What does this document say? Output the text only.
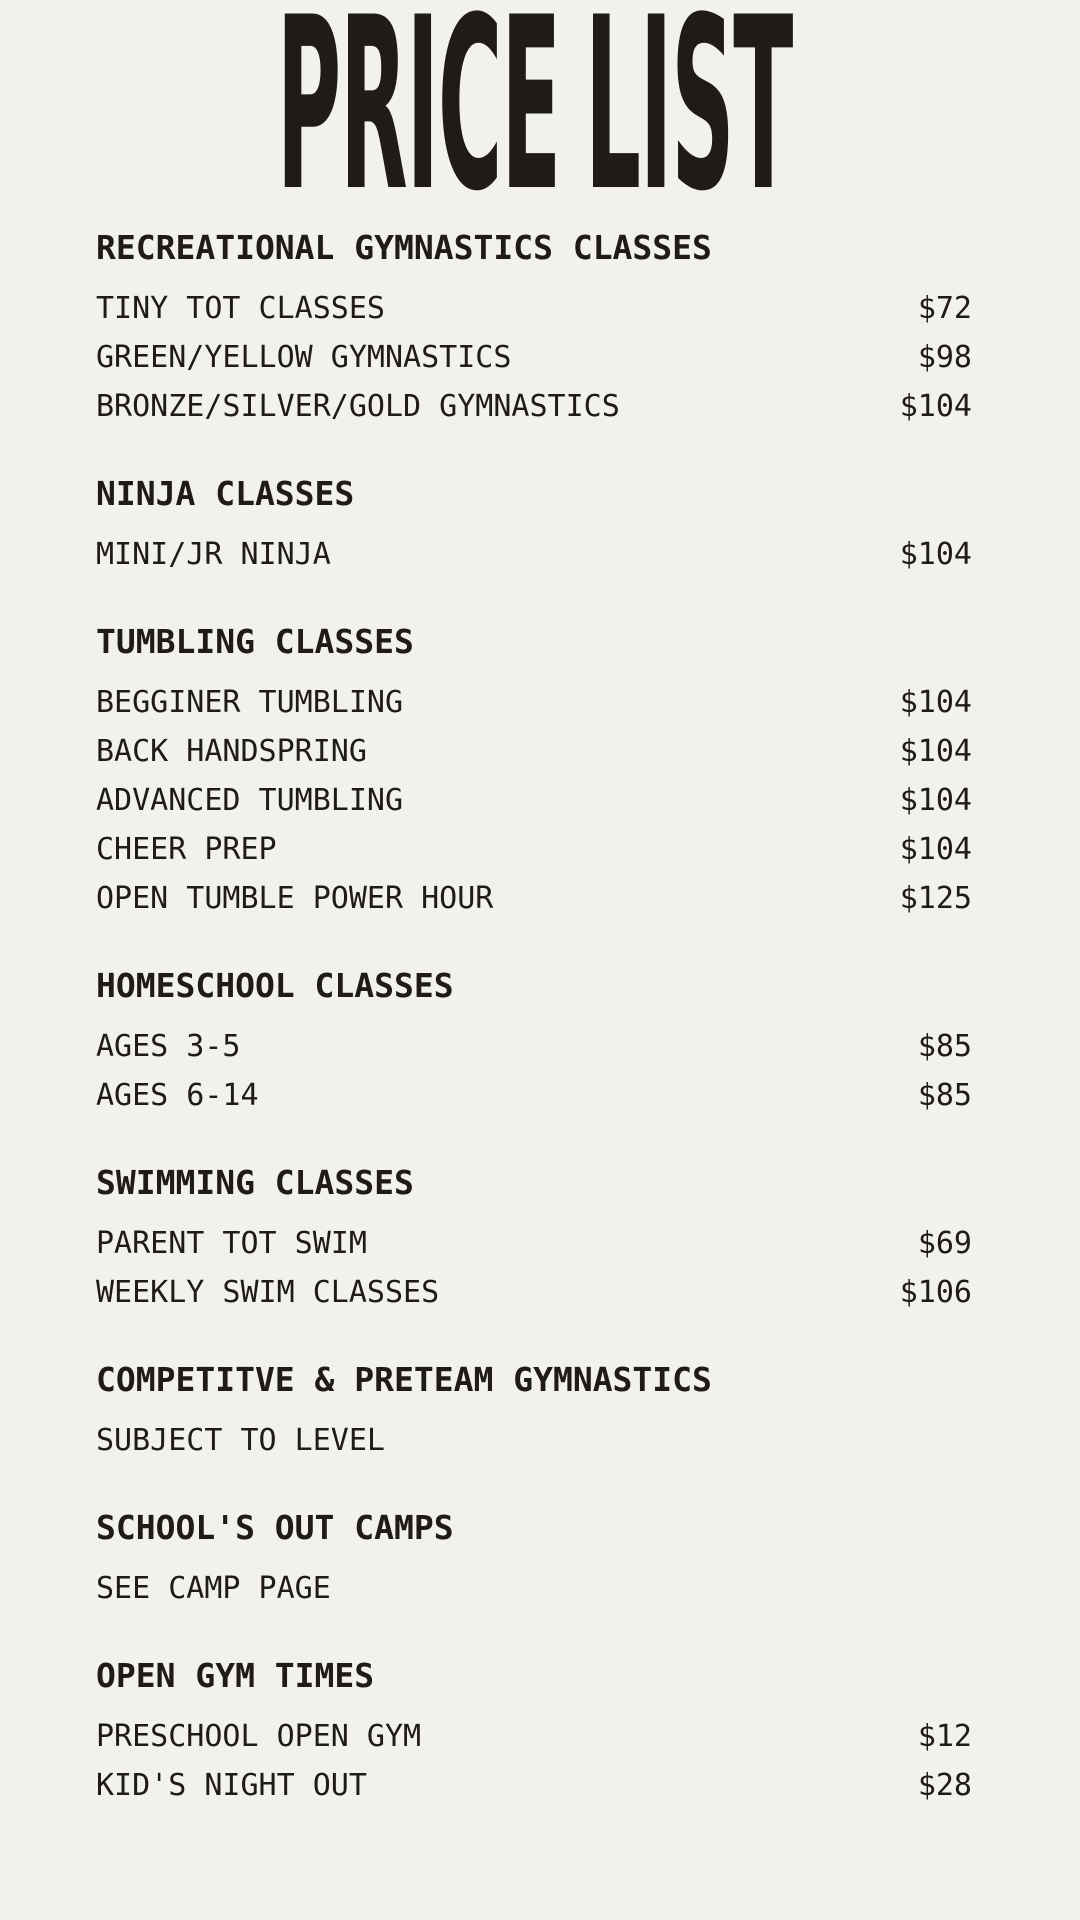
PRICE LIST
RECREATIONAL GYMNASTICS CLASSES
TINY TOT CLASSES	$72
GREEN/YELLOW GYMNASTICS	$98
BRONZE/SILVER/GOLD GYMNASTICS	$104
NINJA CLASSES
MINI/JR NINJA	$104
TUMBLING CLASSES
BEGGINER TUMBLING	$104
BACK HANDSPRING	$104
ADVANCED TUMBLING	$104
CHEER PREP	$104
OPEN TUMBLE POWER HOUR	$125
HOMESCHOOL CLASSES
AGES 3-5	$85
AGES 6-14	$85
SWIMMING CLASSES
PARENT TOT SWIM	$69
WEEKLY SWIM CLASSES	$106
COMPETITVE & PRETEAM GYMNASTICS
SUBJECT TO LEVEL
SCHOOL'S OUT CAMPS
SEE CAMP PAGE
OPEN GYM TIMES
PRESCHOOL OPEN GYM	$12
KID'S NIGHT OUT	$28
